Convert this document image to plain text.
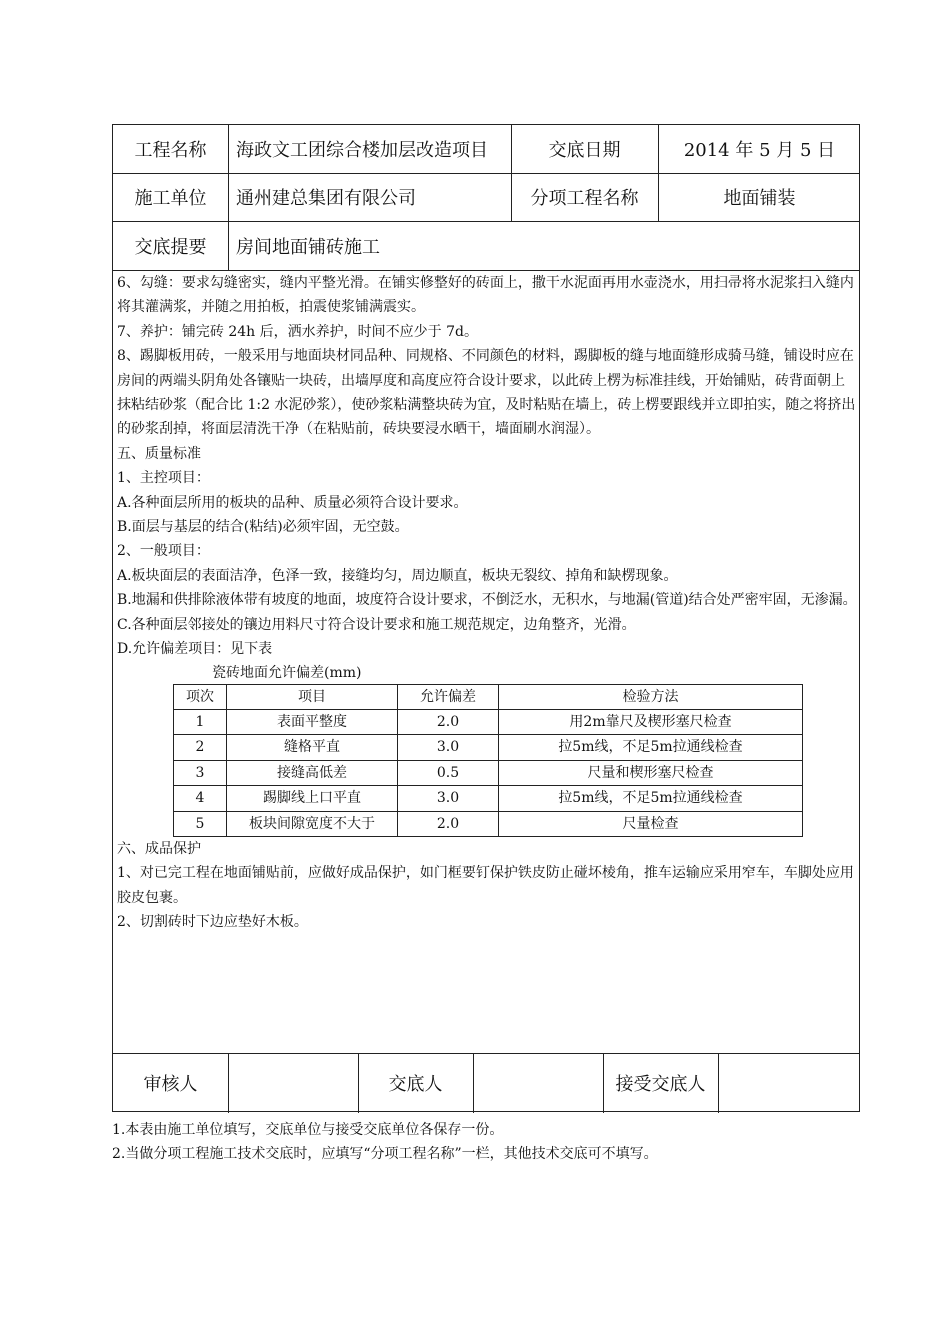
工程名称	海政文工团综合楼加层改造项目	交底日期	2014 年 5 月 5 日
施工单位	通州建总集团有限公司	分项工程名称	地面铺装
交底提要	房间地面铺砖施工

6、勾缝：要求勾缝密实，缝内平整光滑。在铺实修整好的砖面上，撒干水泥面再用水壶浇水，用扫帚将水泥浆扫入缝内将其灌满浆，并随之用拍板，拍震使浆铺满震实。

7、养护：铺完砖 24h 后，洒水养护，时间不应少于 7d。

8、踢脚板用砖，一般采用与地面块材同品种、同规格、不同颜色的材料，踢脚板的缝与地面缝形成骑马缝，铺设时应在房间的两端头阴角处各镶贴一块砖，出墙厚度和高度应符合设计要求，以此砖上楞为标准挂线，开始铺贴，砖背面朝上抹粘结砂浆（配合比 1:2 水泥砂浆），使砂浆粘满整块砖为宜，及时粘贴在墙上，砖上楞要跟线并立即拍实，随之将挤出的砂浆刮掉，将面层清洗干净（在粘贴前，砖块要浸水晒干，墙面刷水润湿）。

五、质量标准

1、主控项目：

A.各种面层所用的板块的品种、质量必须符合设计要求。

B.面层与基层的结合(粘结)必须牢固，无空鼓。

2、一般项目：

A.板块面层的表面洁净，色泽一致，接缝均匀，周边顺直，板块无裂纹、掉角和缺楞现象。

B.地漏和供排除液体带有坡度的地面，坡度符合设计要求，不倒泛水，无积水，与地漏(管道)结合处严密牢固，无渗漏。

C.各种面层邻接处的镶边用料尺寸符合设计要求和施工规范规定，边角整齐，光滑。

D.允许偏差项目：见下表

瓷砖地面允许偏差(mm)
项次	项目	允许偏差	检验方法
1	表面平整度	2.0	用2m靠尺及楔形塞尺检查
2	缝格平直	3.0	拉5m线，不足5m拉通线检查
3	接缝高低差	0.5	尺量和楔形塞尺检查
4	踢脚线上口平直	3.0	拉5m线，不足5m拉通线检查
5	板块间隙宽度不大于	2.0	尺量检查

六、成品保护

1、对已完工程在地面铺贴前，应做好成品保护，如门框要钉保护铁皮防止碰坏棱角，推车运输应采用窄车，车脚处应用胶皮包裹。

2、切割砖时下边应垫好木板。

审核人	交底人	接受交底人

1.本表由施工单位填写，交底单位与接受交底单位各保存一份。

2.当做分项工程施工技术交底时，应填写“分项工程名称”一栏，其他技术交底可不填写。
